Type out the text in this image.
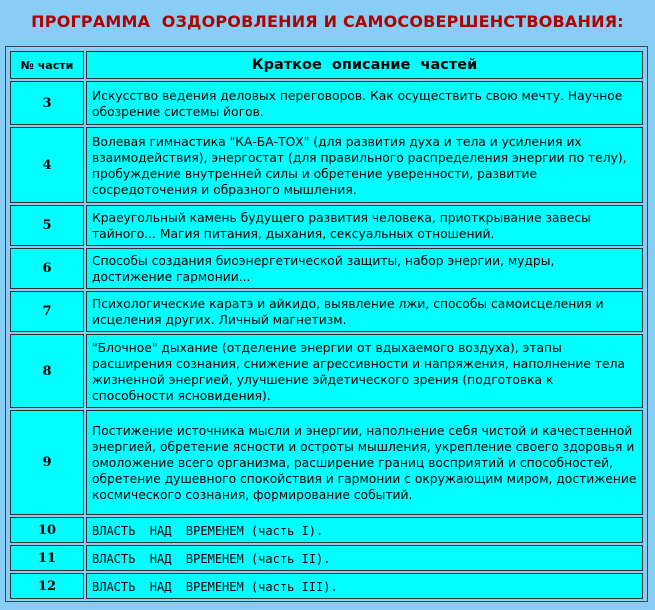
ПРОГРАММА  ОЗДОРОВЛЕНИЯ И САМОСОВЕРШЕНСТВОВАНИЯ:
№ части	Краткое  описание  частей
3	Искусство ведения деловых переговоров. Как осуществить свою мечту. Научное обозрение системы йогов.
4	Волевая гимнастика "КА-БА-ТОХ" (для развития духа и тела и усиления их взаимодействия), энергостат (для правильного распределения энергии по телу), пробуждение внутренней силы и обретение уверенности, развитие сосредоточения и образного мышления.
5	Краеугольный камень будущего развития человека, приоткрывание завесы тайного... Магия питания, дыхания, сексуальных отношений.
6	Способы создания биоэнергетической защиты, набор энергии, мудры, достижение гармонии...
7	Психологические каратэ и айкидо, выявление лжи, способы самоисцеления и исцеления других. Личный магнетизм.
8	"Блочное" дыхание (отделение энергии от вдыхаемого воздуха), этапы расширения сознания, снижение агрессивности и напряжения, наполнение тела жизненной энергией, улучшение эйдетического зрения (подготовка к способности ясновидения).
9	Постижение источника мысли и энергии, наполнение себя чистой и качественной энергией, обретение ясности и остроты мышления, укрепление своего здоровья и омоложение всего организма, расширение границ восприятий и способностей, обретение душевного спокойствия и гармонии с окружающим миром, достижение космического сознания, формирование событий.
10	ВЛАСТЬ  НАД  ВРЕМЕНЕМ (часть I).
11	ВЛАСТЬ  НАД  ВРЕМЕНЕМ (часть II).
12	ВЛАСТЬ  НАД  ВРЕМЕНЕМ (часть III).
